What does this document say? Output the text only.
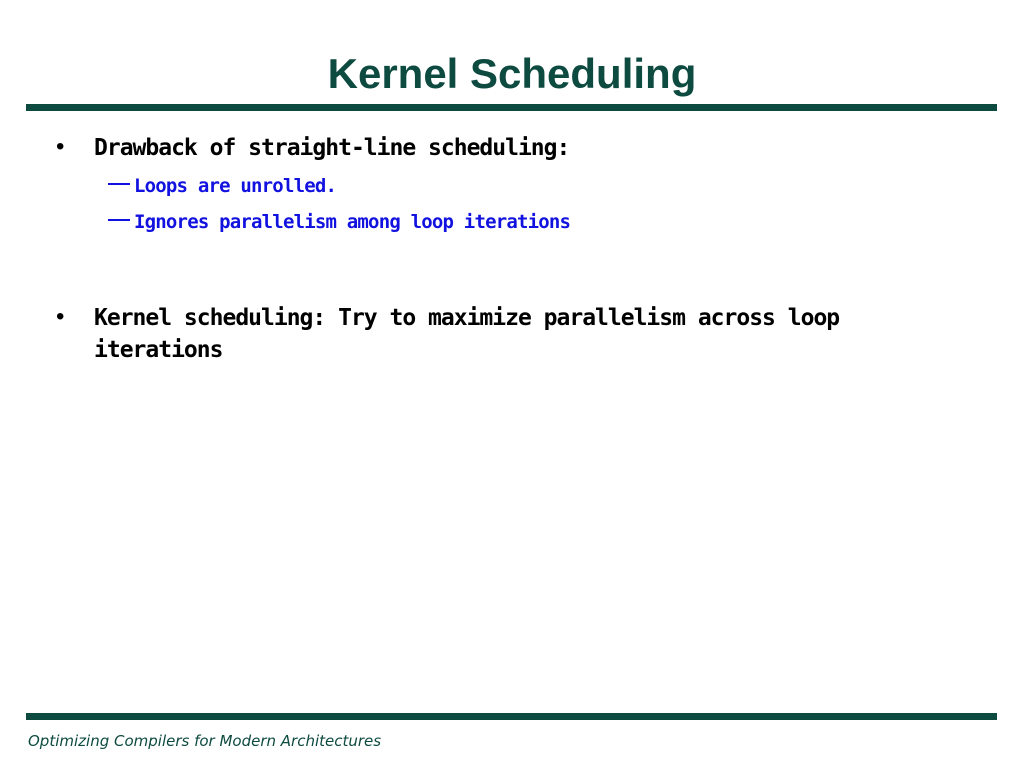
Kernel Scheduling
• Drawback of straight-line scheduling:
Loops are unrolled.
Ignores parallelism among loop iterations
• Kernel scheduling: Try to maximize parallelism across loop iterations
Optimizing Compilers for Modern Architectures
